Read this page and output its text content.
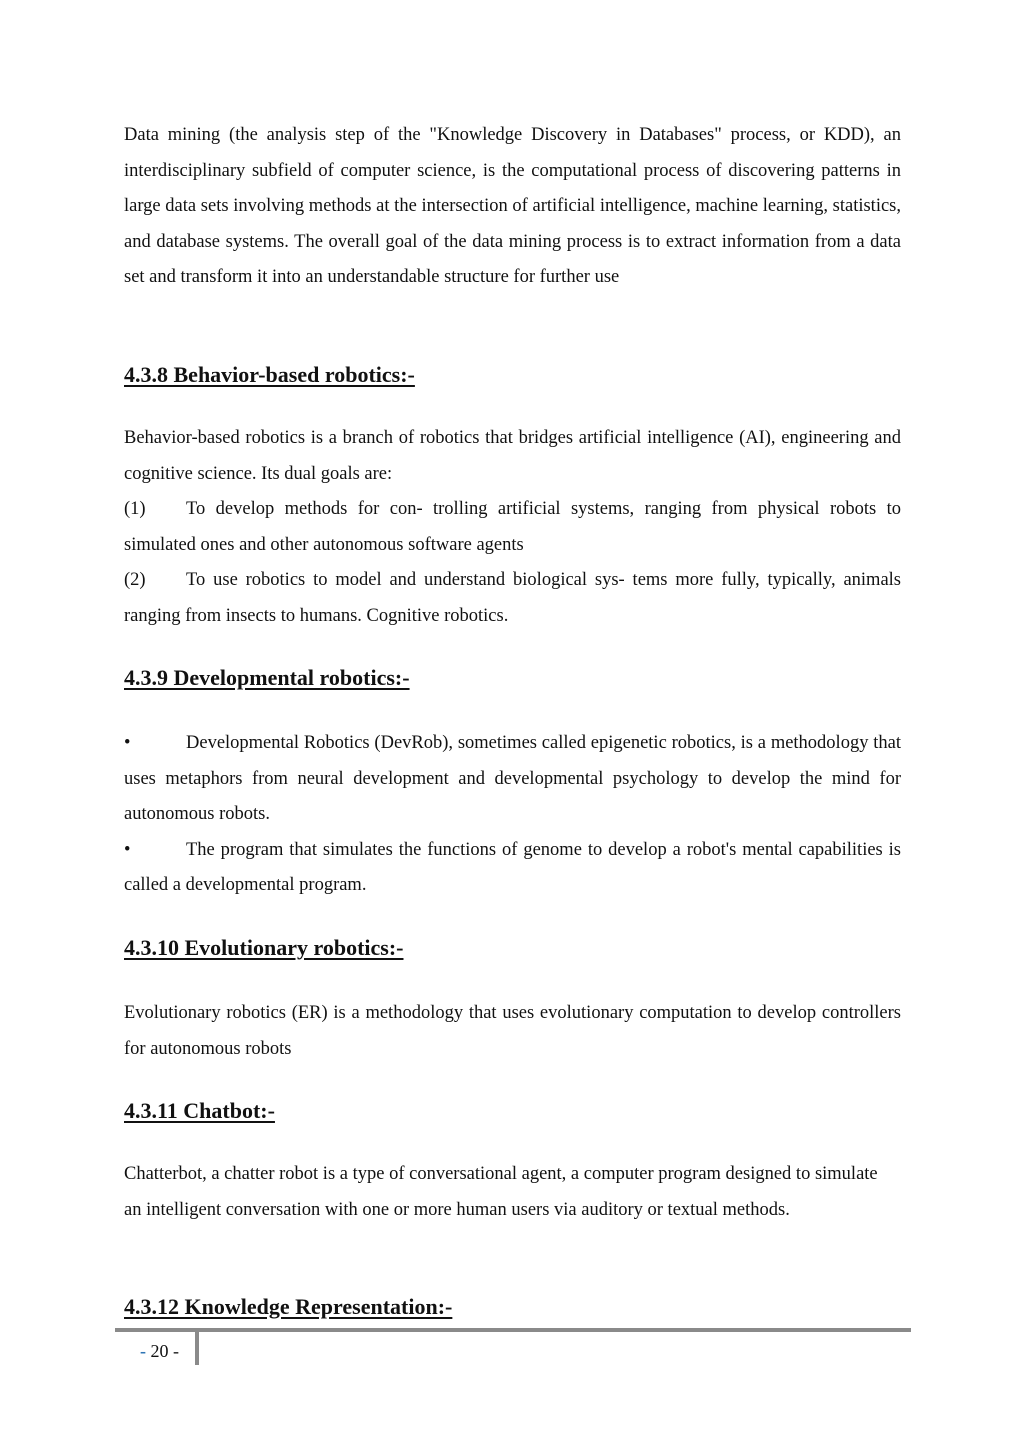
Data mining (the analysis step of the "Knowledge Discovery in Databases" process, or KDD), an interdisciplinary subfield of computer science, is the computational process of discovering patterns in large data sets involving methods at the intersection of artificial intelligence, machine learning, statistics, and database systems. The overall goal of the data mining process is to extract information from a data set and transform it into an understandable structure for further use

4.3.8 Behavior-based robotics:-

Behavior-based robotics is a branch of robotics that bridges artificial intelligence (AI), engineering and cognitive science. Its dual goals are:

(1) To develop methods for con- trolling artificial systems, ranging from physical robots to simulated ones and other autonomous software agents

(2) To use robotics to model and understand biological sys- tems more fully, typically, animals ranging from insects to humans. Cognitive robotics.

4.3.9 Developmental robotics:-

•	Developmental Robotics (DevRob), sometimes called epigenetic robotics, is a methodology that uses metaphors from neural development and developmental psychology to develop the mind for autonomous robots.

•	The program that simulates the functions of genome to develop a robot's mental capabilities is called a developmental program.

4.3.10 Evolutionary robotics:-

Evolutionary robotics (ER) is a methodology that uses evolutionary computation to develop controllers for autonomous robots

4.3.11 Chatbot:-

Chatterbot, a chatter robot is a type of conversational agent, a computer program designed to simulate an intelligent conversation with one or more human users via auditory or textual methods.

4.3.12 Knowledge Representation:-
- 20 -
